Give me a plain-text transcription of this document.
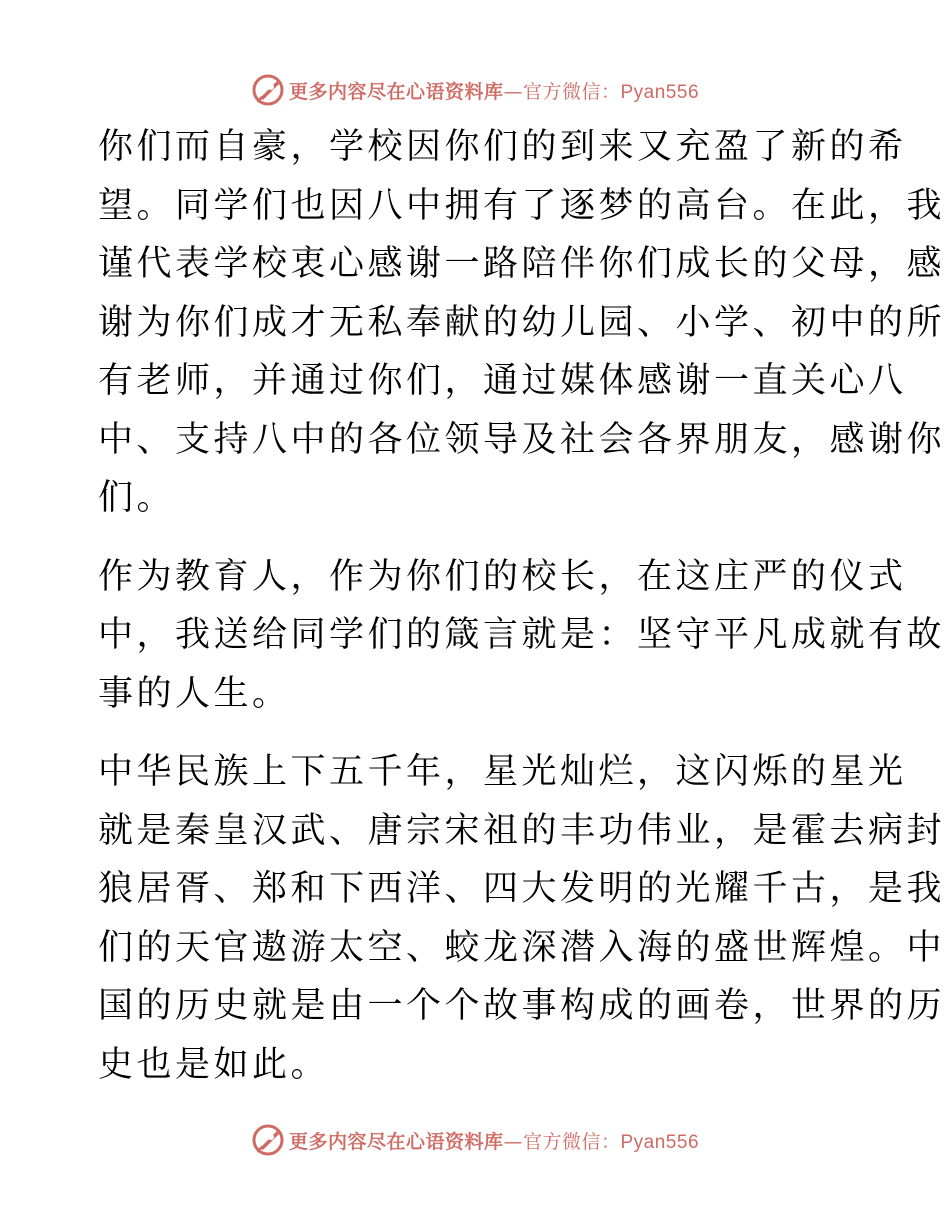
更多内容尽在心语资料库—官方微信：Pyan556

你们而自豪，学校因你们的到来又充盈了新的希
望。同学们也因八中拥有了逐梦的高台。在此，我
谨代表学校衷心感谢一路陪伴你们成长的父母，感
谢为你们成才无私奉献的幼儿园、小学、初中的所
有老师，并通过你们，通过媒体感谢一直关心八
中、支持八中的各位领导及社会各界朋友，感谢你
们。

作为教育人，作为你们的校长，在这庄严的仪式
中，我送给同学们的箴言就是：坚守平凡成就有故
事的人生。

中华民族上下五千年，星光灿烂，这闪烁的星光
就是秦皇汉武、唐宗宋祖的丰功伟业，是霍去病封
狼居胥、郑和下西洋、四大发明的光耀千古，是我
们的天官遨游太空、蛟龙深潜入海的盛世辉煌。中
国的历史就是由一个个故事构成的画卷，世界的历
史也是如此。

更多内容尽在心语资料库—官方微信：Pyan556
